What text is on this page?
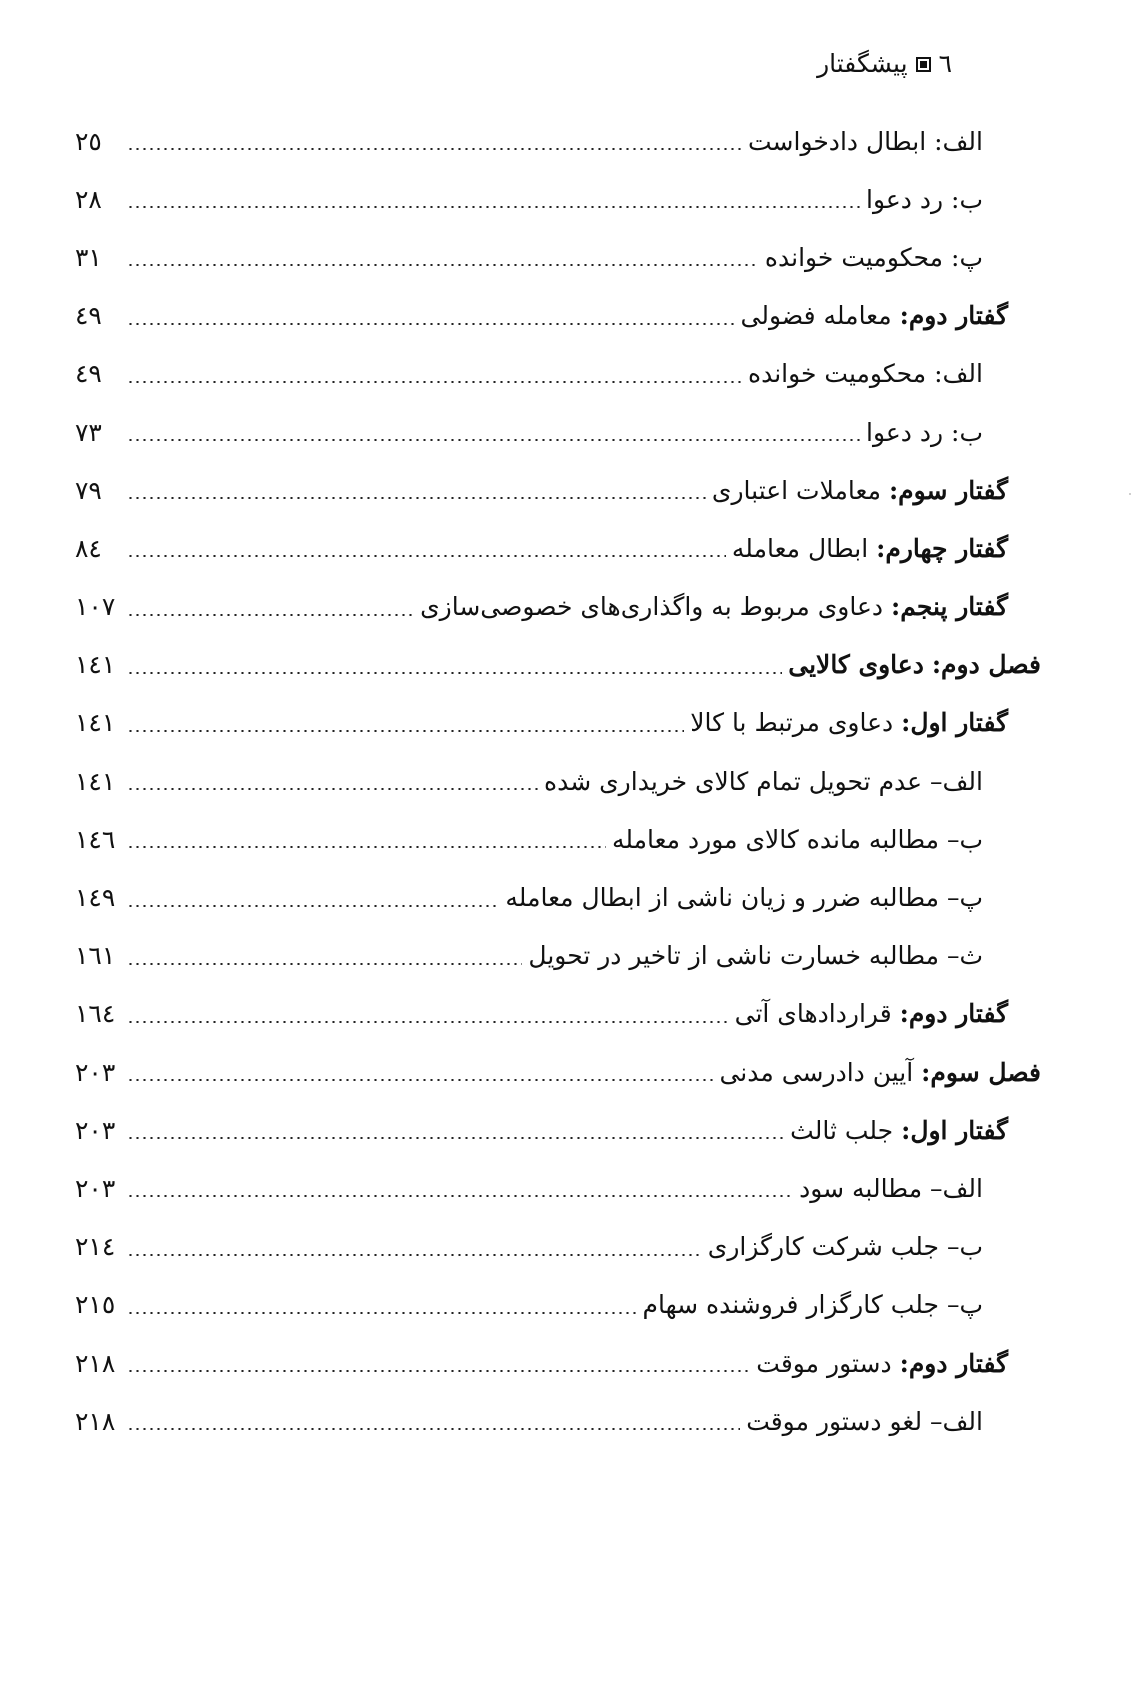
٦
پیشگفتار
الف: ابطال دادخواست
٢٥
ب: رد دعوا
٢٨
پ: محکومیت خوانده
٣١
گفتار دوم: معامله فضولی
٤٩
الف: محکومیت خوانده
٤٩
ب: رد دعوا
٧٣
گفتار سوم: معاملات اعتباری
٧٩
گفتار چهارم: ابطال معامله
٨٤
گفتار پنجم: دعاوی مربوط به واگذاری‌های خصوصی‌سازی
١٠٧
فصل دوم: دعاوی کالایی
١٤١
گفتار اول: دعاوی مرتبط با کالا
١٤١
الف– عدم تحویل تمام کالای خریداری شده
١٤١
ب– مطالبه مانده کالای مورد معامله
١٤٦
پ– مطالبه ضرر و زیان ناشی از ابطال معامله
١٤٩
ث– مطالبه خسارت ناشی از تاخیر در تحویل
١٦١
گفتار دوم: قراردادهای آتی
١٦٤
فصل سوم: آیین دادرسی مدنی
٢٠٣
گفتار اول: جلب ثالث
٢٠٣
الف– مطالبه سود
٢٠٣
ب– جلب شرکت کارگزاری
٢١٤
پ– جلب کارگزار فروشنده سهام
٢١٥
گفتار دوم: دستور موقت
٢١٨
الف– لغو دستور موقت
٢١٨
